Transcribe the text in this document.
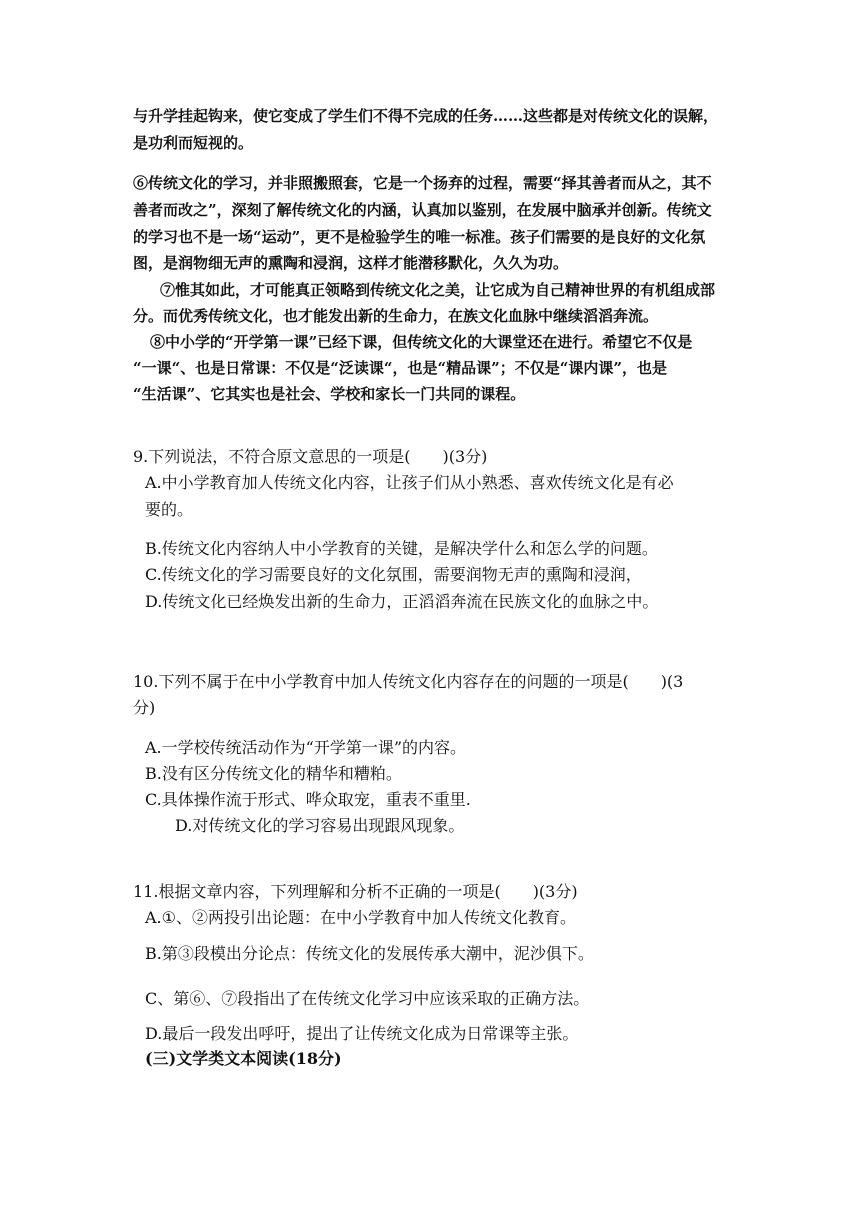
与升学挂起钩来，使它变成了学生们不得不完成的任务……这些都是对传统文化的误解，
是功利而短视的。
⑥传统文化的学习，并非照搬照套，它是一个扬弃的过程，需要“择其善者而从之，其不
善者而改之”，深刻了解传统文化的内涵，认真加以鉴别，在发展中脑承并创新。传统文
的学习也不是一场“运动”，更不是检验学生的唯一标准。孩子们需要的是良好的文化氛
图，是润物细无声的熏陶和浸润，这样才能潜移默化，久久为功。
⑦惟其如此，才可能真正领略到传统文化之美，让它成为自己精神世界的有机组成部
分。而优秀传统文化，也才能发出新的生命力，在族文化血脉中继续滔滔奔流。
⑧中小学的“开学第一课”已经下课，但传统文化的大课堂还在进行。希望它不仅是
“一课“、也是日常课：不仅是“泛读课“，也是“精品课”；不仅是“课内课”，也是
“生活课”、它其实也是社会、学校和家长一门共同的课程。
9.下列说法，不符合原文意思的一项是(　　)(3分)
A.中小学教育加人传统文化内容，让孩子们从小熟悉、喜欢传统文化是有必
要的。
B.传统文化内容纳人中小学教育的关键，是解决学什么和怎么学的问题。
C.传统文化的学习需要良好的文化氛围，需要润物无声的熏陶和浸润，
D.传统文化已经焕发出新的生命力，正滔滔奔流在民族文化的血脉之中。
10.下列不属于在中小学教育中加人传统文化内容存在的问题的一项是(　　)(3
分)
A.一学校传统活动作为“开学第一课”的内容。
B.没有区分传统文化的精华和糟粕。
C.具体操作流于形式、哗众取宠，重表不重里.
D.对传统文化的学习容易出现跟风现象。
11.根据文章内容，下列理解和分析不正确的一项是(　　)(3分)
A.①、②两投引出论题：在中小学教育中加人传统文化教育。
B.第③段模出分论点：传统文化的发展传承大潮中，泥沙俱下。
C、第⑥、⑦段指出了在传统文化学习中应该采取的正确方法。
D.最后一段发出呼吁，提出了让传统文化成为日常课等主张。
(三)文学类文本阅读(18分)
